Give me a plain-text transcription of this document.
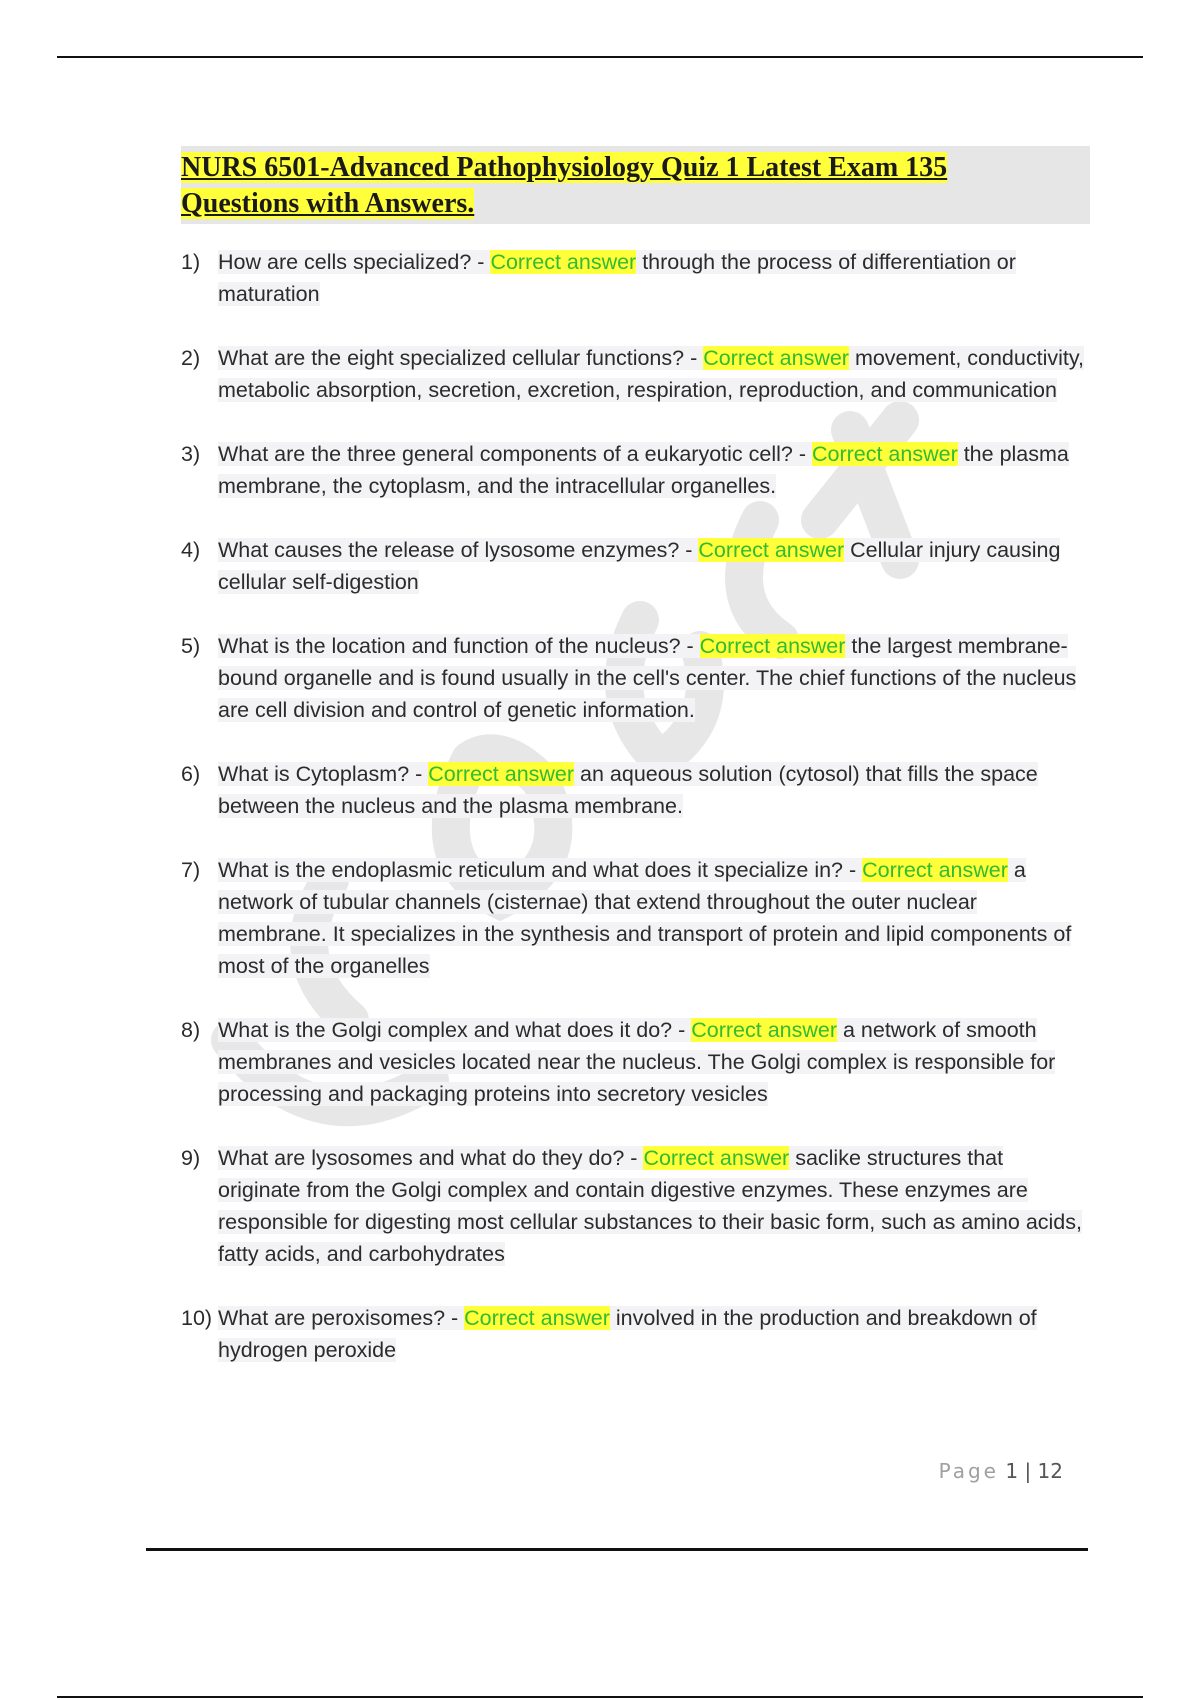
NURS 6501-Advanced Pathophysiology Quiz 1 Latest Exam 135
Questions with Answers.
1) How are cells specialized? - Correct answer through the process of differentiation or maturation
2) What are the eight specialized cellular functions? - Correct answer movement, conductivity, metabolic absorption, secretion, excretion, respiration, reproduction, and communication
3) What are the three general components of a eukaryotic cell? - Correct answer the plasma membrane, the cytoplasm, and the intracellular organelles.
4) What causes the release of lysosome enzymes? - Correct answer Cellular injury causing cellular self-digestion
5) What is the location and function of the nucleus? - Correct answer the largest membrane-bound organelle and is found usually in the cell's center. The chief functions of the nucleus are cell division and control of genetic information.
6) What is Cytoplasm? - Correct answer an aqueous solution (cytosol) that fills the space between the nucleus and the plasma membrane.
7) What is the endoplasmic reticulum and what does it specialize in? - Correct answer a network of tubular channels (cisternae) that extend throughout the outer nuclear membrane. It specializes in the synthesis and transport of protein and lipid components of most of the organelles
8) What is the Golgi complex and what does it do? - Correct answer a network of smooth membranes and vesicles located near the nucleus. The Golgi complex is responsible for processing and packaging proteins into secretory vesicles
9) What are lysosomes and what do they do? - Correct answer saclike structures that originate from the Golgi complex and contain digestive enzymes. These enzymes are responsible for digesting most cellular substances to their basic form, such as amino acids, fatty acids, and carbohydrates
10) What are peroxisomes? - Correct answer involved in the production and breakdown of hydrogen peroxide
Page 1 | 12
